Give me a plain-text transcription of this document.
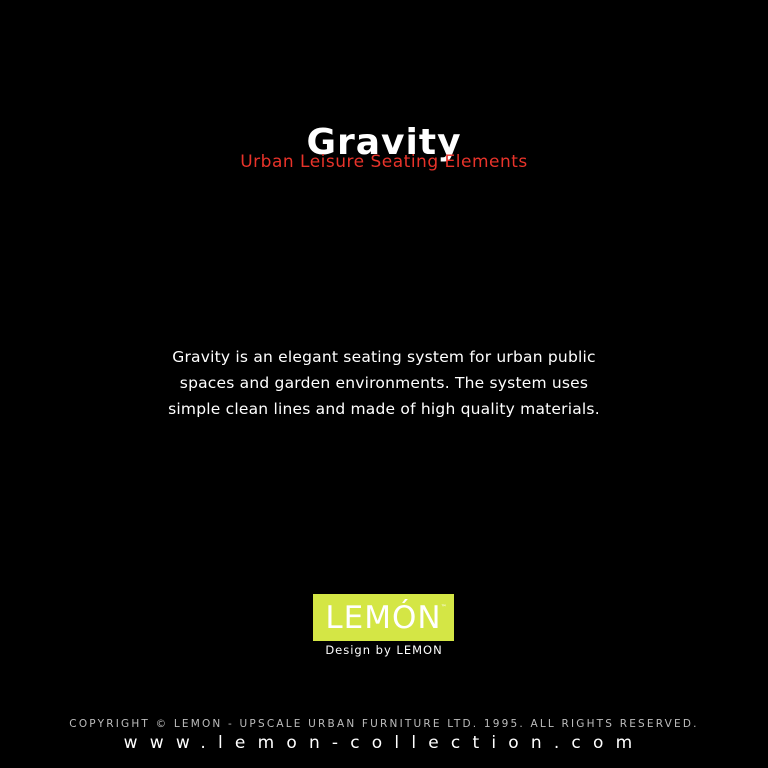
Gravity
Urban Leisure Seating Elements
Gravity is an elegant seating system for urban public
spaces and garden environments. The system uses
simple clean lines and made of high quality materials.
LEMÓN ™
Design by LEMON
COPYRIGHT © LEMON - UPSCALE URBAN FURNITURE LTD. 1995. ALL RIGHTS RESERVED.
www.lemon-collection.com
